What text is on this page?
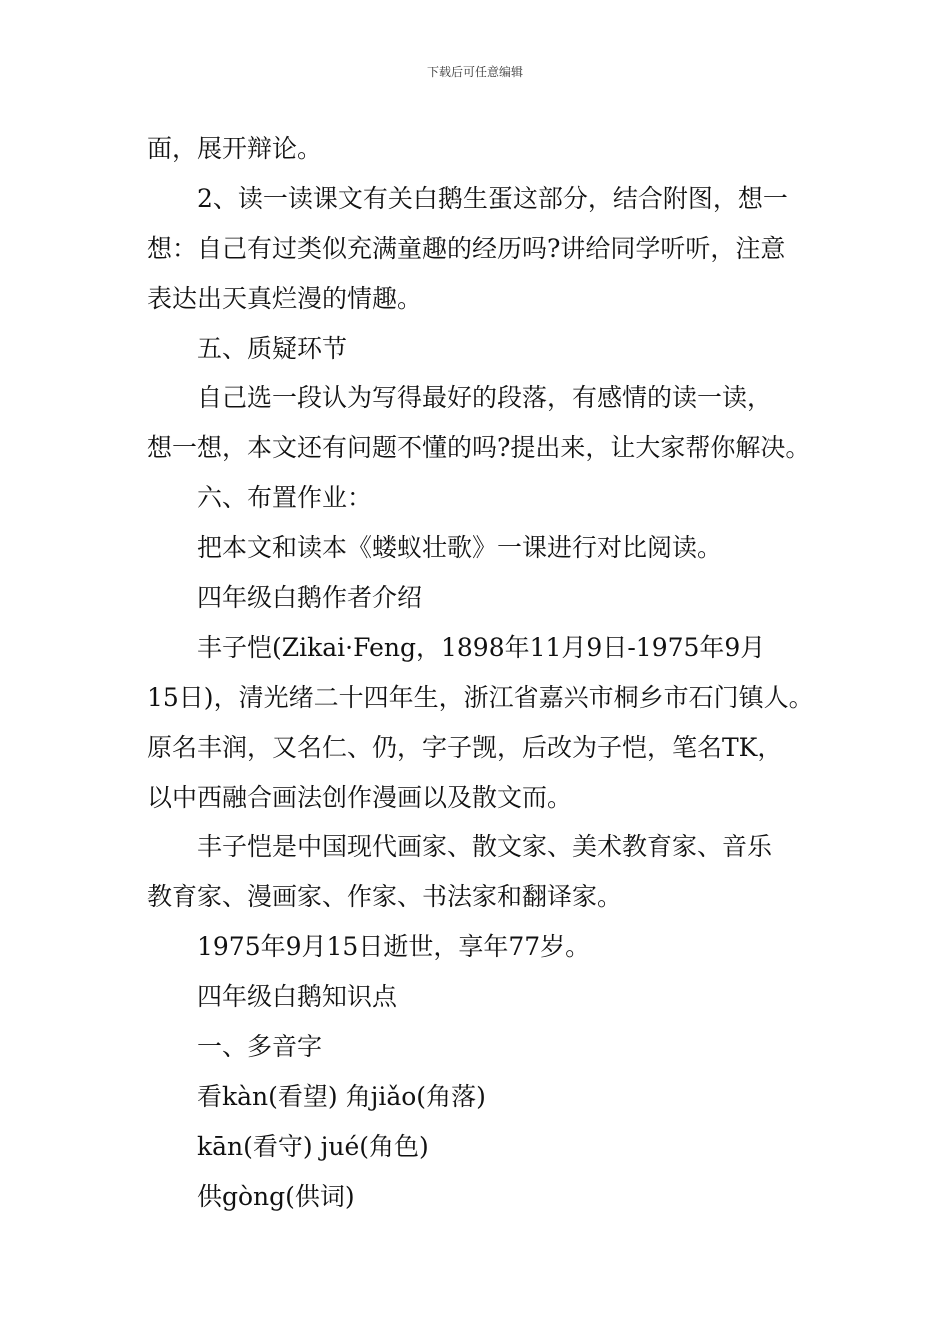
下载后可任意编辑
面，展开辩论。
2、读一读课文有关白鹅生蛋这部分，结合附图，想一
想：自己有过类似充满童趣的经历吗?讲给同学听听，注意
表达出天真烂漫的情趣。
五、质疑环节
自己选一段认为写得最好的段落，有感情的读一读，
想一想，本文还有问题不懂的吗?提出来，让大家帮你解决。
六、布置作业：
把本文和读本《蝼蚁壮歌》一课进行对比阅读。
四年级白鹅作者介绍
丰子恺(Zikai·Feng，1898年11月9日-1975年9月
15日)，清光绪二十四年生，浙江省嘉兴市桐乡市石门镇人。
原名丰润，又名仁、仍，字子觊，后改为子恺，笔名TK，
以中西融合画法创作漫画以及散文而。
丰子恺是中国现代画家、散文家、美术教育家、音乐
教育家、漫画家、作家、书法家和翻译家。
1975年9月15日逝世，享年77岁。
四年级白鹅知识点
一、多音字
看kàn(看望) 角jiǎo(角落)
kān(看守) jué(角色)
供gòng(供词)
